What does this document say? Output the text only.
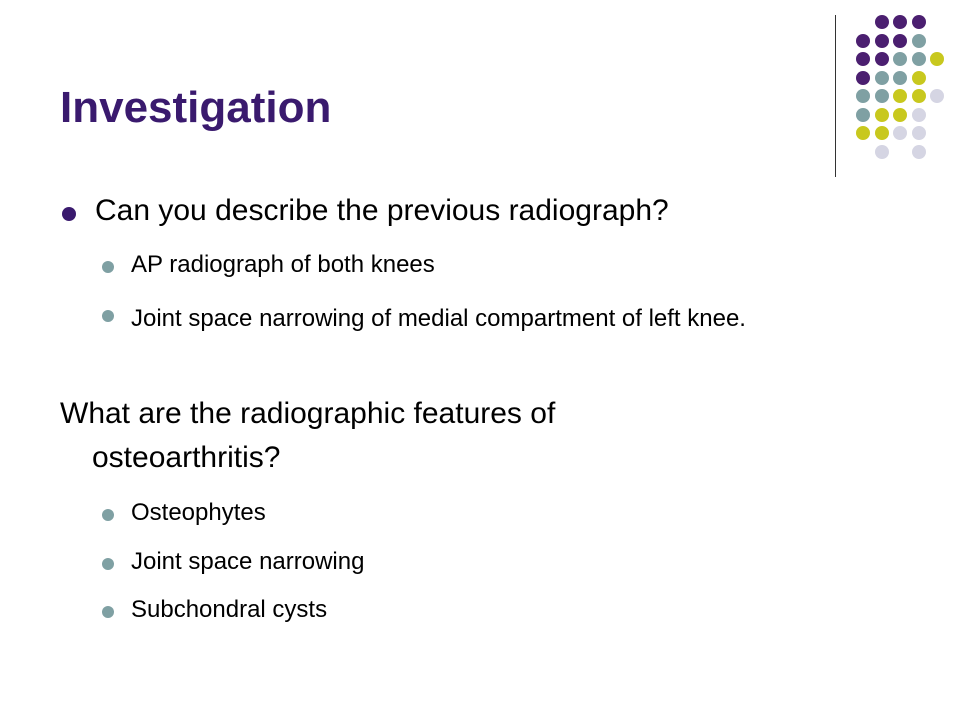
Investigation
Can you describe the previous radiograph?
AP radiograph of both knees
Joint space narrowing of medial compartment of left knee.
What are the radiographic features of
osteoarthritis?
Osteophytes
Joint space narrowing
Subchondral cysts
